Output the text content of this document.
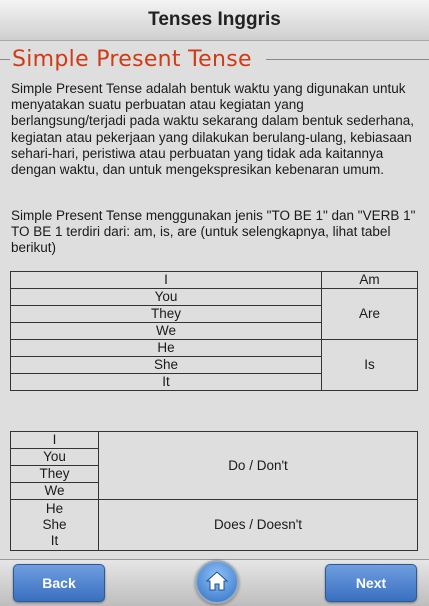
Tenses Inggris
Simple Present Tense
Simple Present Tense adalah bentuk waktu yang digunakan untuk menyatakan suatu perbuatan atau kegiatan yang berlangsung/terjadi pada waktu sekarang dalam bentuk sederhana, kegiatan atau pekerjaan yang dilakukan berulang-ulang, kebiasaan sehari-hari, peristiwa atau perbuatan yang tidak ada kaitannya dengan waktu, dan untuk mengekspresikan kebenaran umum.
Simple Present Tense menggunakan jenis "TO BE 1" dan "VERB 1" TO BE 1 terdiri dari: am, is, are (untuk selengkapnya, lihat tabel berikut)
I	Am
You	Are
They	
We	
He	Is
She	
It	
I	Do / Don't
You	
They	
We	

He
She
It	Does / Doesn't
Back	Next
